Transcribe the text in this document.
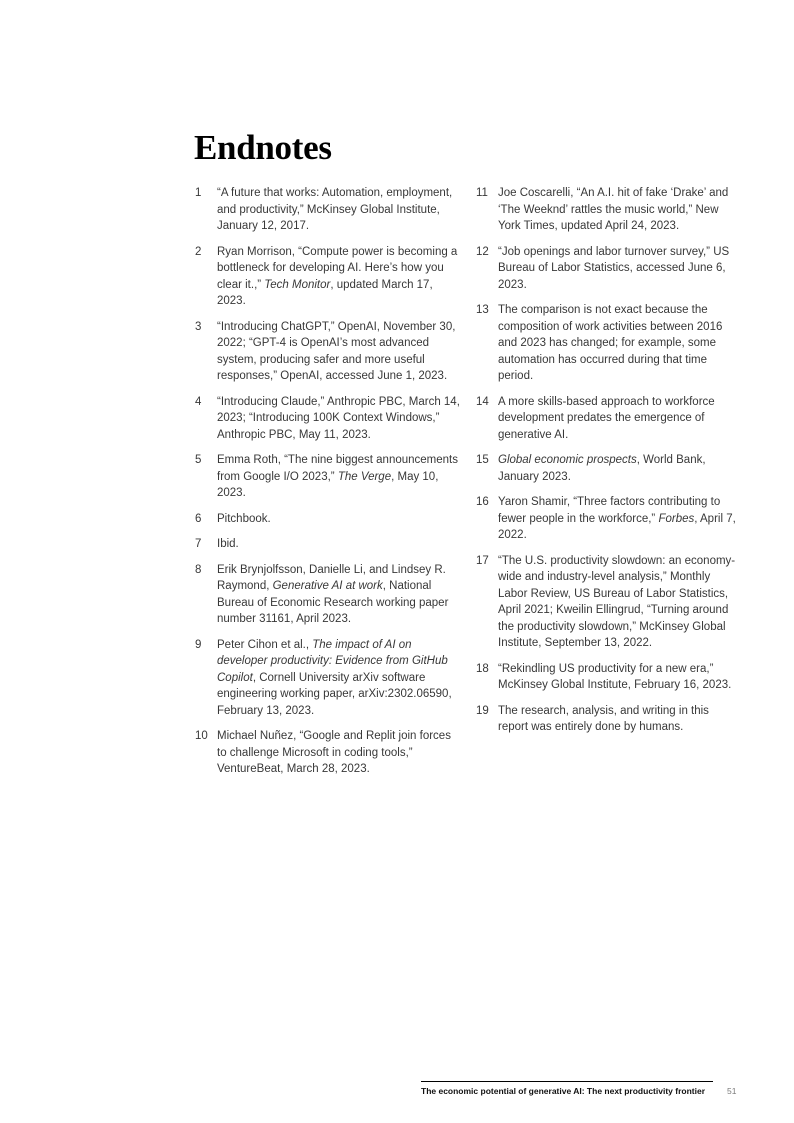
Endnotes
1	“A future that works: Automation, employment, and productivity,” McKinsey Global Institute, January 12, 2017.
2	Ryan Morrison, “Compute power is becoming a bottleneck for developing AI. Here’s how you clear it.,” Tech Monitor, updated March 17, 2023.
3	“Introducing ChatGPT,” OpenAI, November 30, 2022; “GPT-4 is OpenAI’s most advanced system, producing safer and more useful responses,” OpenAI, accessed June 1, 2023.
4	“Introducing Claude,” Anthropic PBC, March 14, 2023; “Introducing 100K Context Windows,” Anthropic PBC, May 11, 2023.
5	Emma Roth, “The nine biggest announcements from Google I/O 2023,” The Verge, May 10, 2023.
6	Pitchbook.
7	Ibid.
8	Erik Brynjolfsson, Danielle Li, and Lindsey R. Raymond, Generative AI at work, National Bureau of Economic Research working paper number 31161, April 2023.
9	Peter Cihon et al., The impact of AI on developer productivity: Evidence from GitHub Copilot, Cornell University arXiv software engineering working paper, arXiv:2302.06590, February 13, 2023.
10 Michael Nuñez, “Google and Replit join forces to challenge Microsoft in coding tools,” VentureBeat, March 28, 2023.
11 Joe Coscarelli, “An A.I. hit of fake ‘Drake’ and ‘The Weeknd’ rattles the music world,” New York Times, updated April 24, 2023.
12 “Job openings and labor turnover survey,” US Bureau of Labor Statistics, accessed June 6, 2023.
13 The comparison is not exact because the composition of work activities between 2016 and 2023 has changed; for example, some automation has occurred during that time period.
14 A more skills-based approach to workforce development predates the emergence of generative AI.
15 Global economic prospects, World Bank, January 2023.
16 Yaron Shamir, “Three factors contributing to fewer people in the workforce,” Forbes, April 7, 2022.
17 “The U.S. productivity slowdown: an economy-wide and industry-level analysis,” Monthly Labor Review, US Bureau of Labor Statistics, April 2021; Kweilin Ellingrud, “Turning around the productivity slowdown,” McKinsey Global Institute, September 13, 2022.
18 “Rekindling US productivity for a new era,” McKinsey Global Institute, February 16, 2023.
19 The research, analysis, and writing in this report was entirely done by humans.
The economic potential of generative AI: The next productivity frontier	51
